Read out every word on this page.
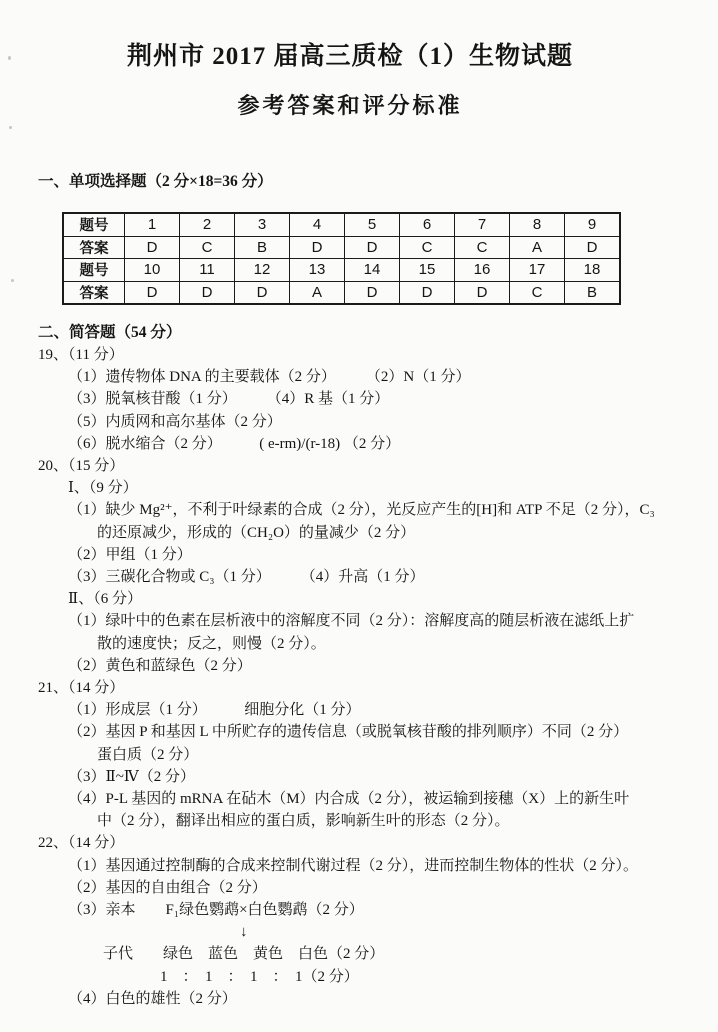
荆州市 2017 届高三质检（1）生物试题
参考答案和评分标准
一、单项选择题（2 分×18=36 分）
题号	1	2	3	4	5	6	7	8	9
答案	D	C	B	D	D	C	C	A	D
题号	10	11	12	13	14	15	16	17	18
答案	D	D	D	A	D	D	D	C	B
二、简答题（54 分）
19、（11 分）
（1）遗传物体 DNA 的主要载体（2 分）　　　（2）N（1 分）
（3）脱氧核苷酸（1 分）　　　（4）R 基（1 分）
（5）内质网和高尔基体（2 分）
（6）脱水缩合（2 分）　　　( e-rm)/(r-18) （2 分）
20、（15 分）
Ⅰ、（9 分）
（1）缺少 Mg²⁺，不利于叶绿素的合成（2 分），光反应产生的[H]和 ATP 不足（2 分），C₃
的还原减少，形成的（CH₂O）的量减少（2 分）
（2）甲组（1 分）
（3）三碳化合物或 C₃（1 分）　　　（4）升高（1 分）
Ⅱ、（6 分）
（1）绿叶中的色素在层析液中的溶解度不同（2 分）：溶解度高的随层析液在滤纸上扩
散的速度快；反之，则慢（2 分）。
（2）黄色和蓝绿色（2 分）
21、（14 分）
（1）形成层（1 分）　　　细胞分化（1 分）
（2）基因 P 和基因 L 中所贮存的遗传信息（或脱氧核苷酸的排列顺序）不同（2 分）
蛋白质（2 分）
（3）Ⅱ~Ⅳ（2 分）
（4）P-L 基因的 mRNA 在砧木（M）内合成（2 分），被运输到接穗（X）上的新生叶
中（2 分），翻译出相应的蛋白质，影响新生叶的形态（2 分）。
22、（14 分）
（1）基因通过控制酶的合成来控制代谢过程（2 分），进而控制生物体的性状（2 分）。
（2）基因的自由组合（2 分）
（3）亲本　　F₁绿色鹦鹉×白色鹦鹉（2 分）
↓
子代　　绿色　蓝色　黄色　白色（2 分）
1　：　1　：　1　：　1（2 分）
（4）白色的雄性（2 分）
